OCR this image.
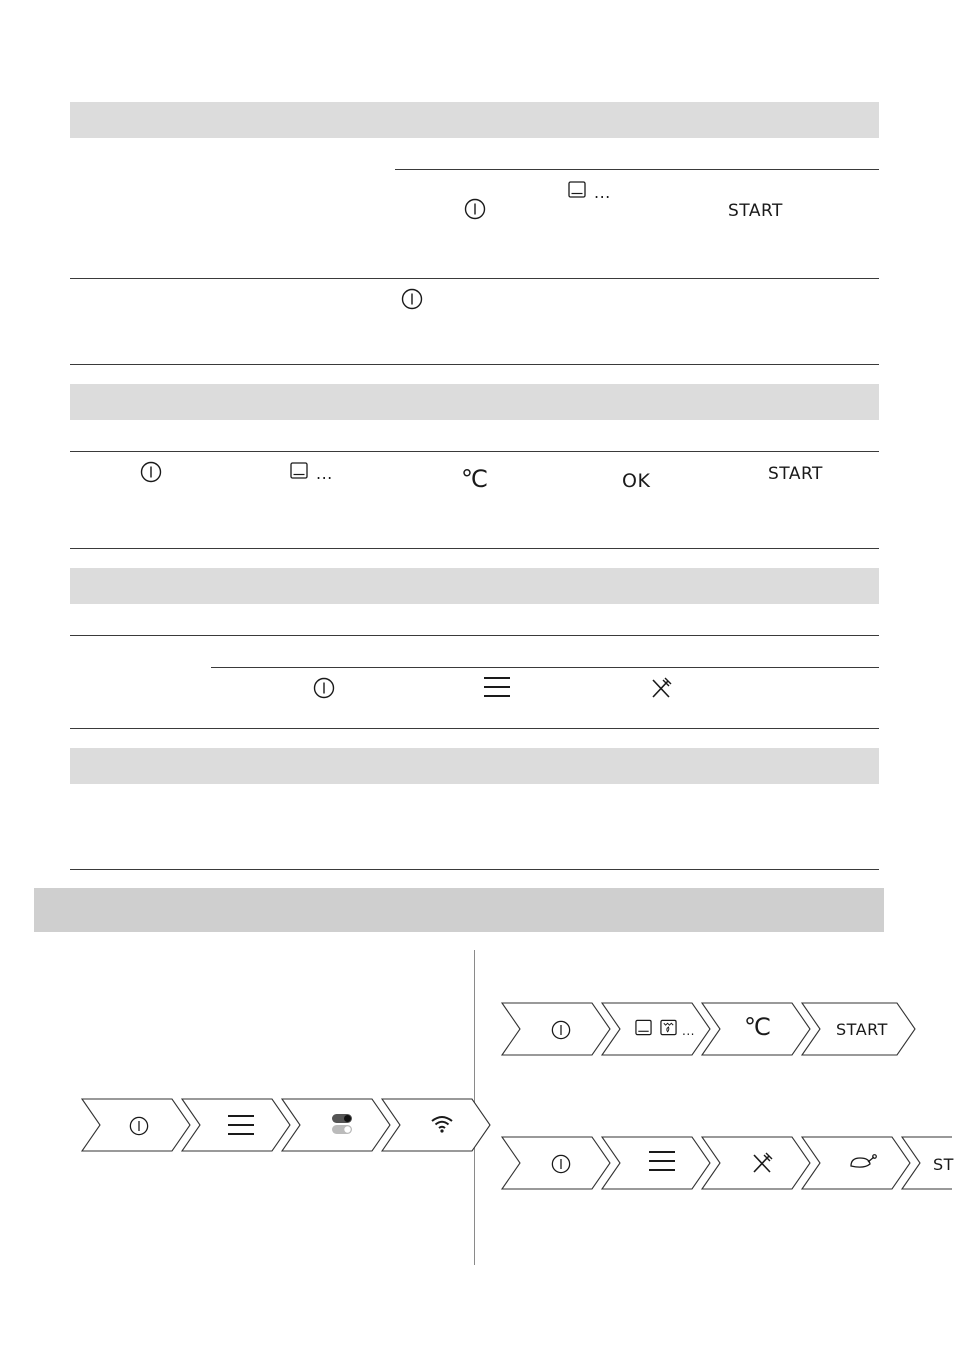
...
START
...	°C	OK	START
... °C	START
ST
